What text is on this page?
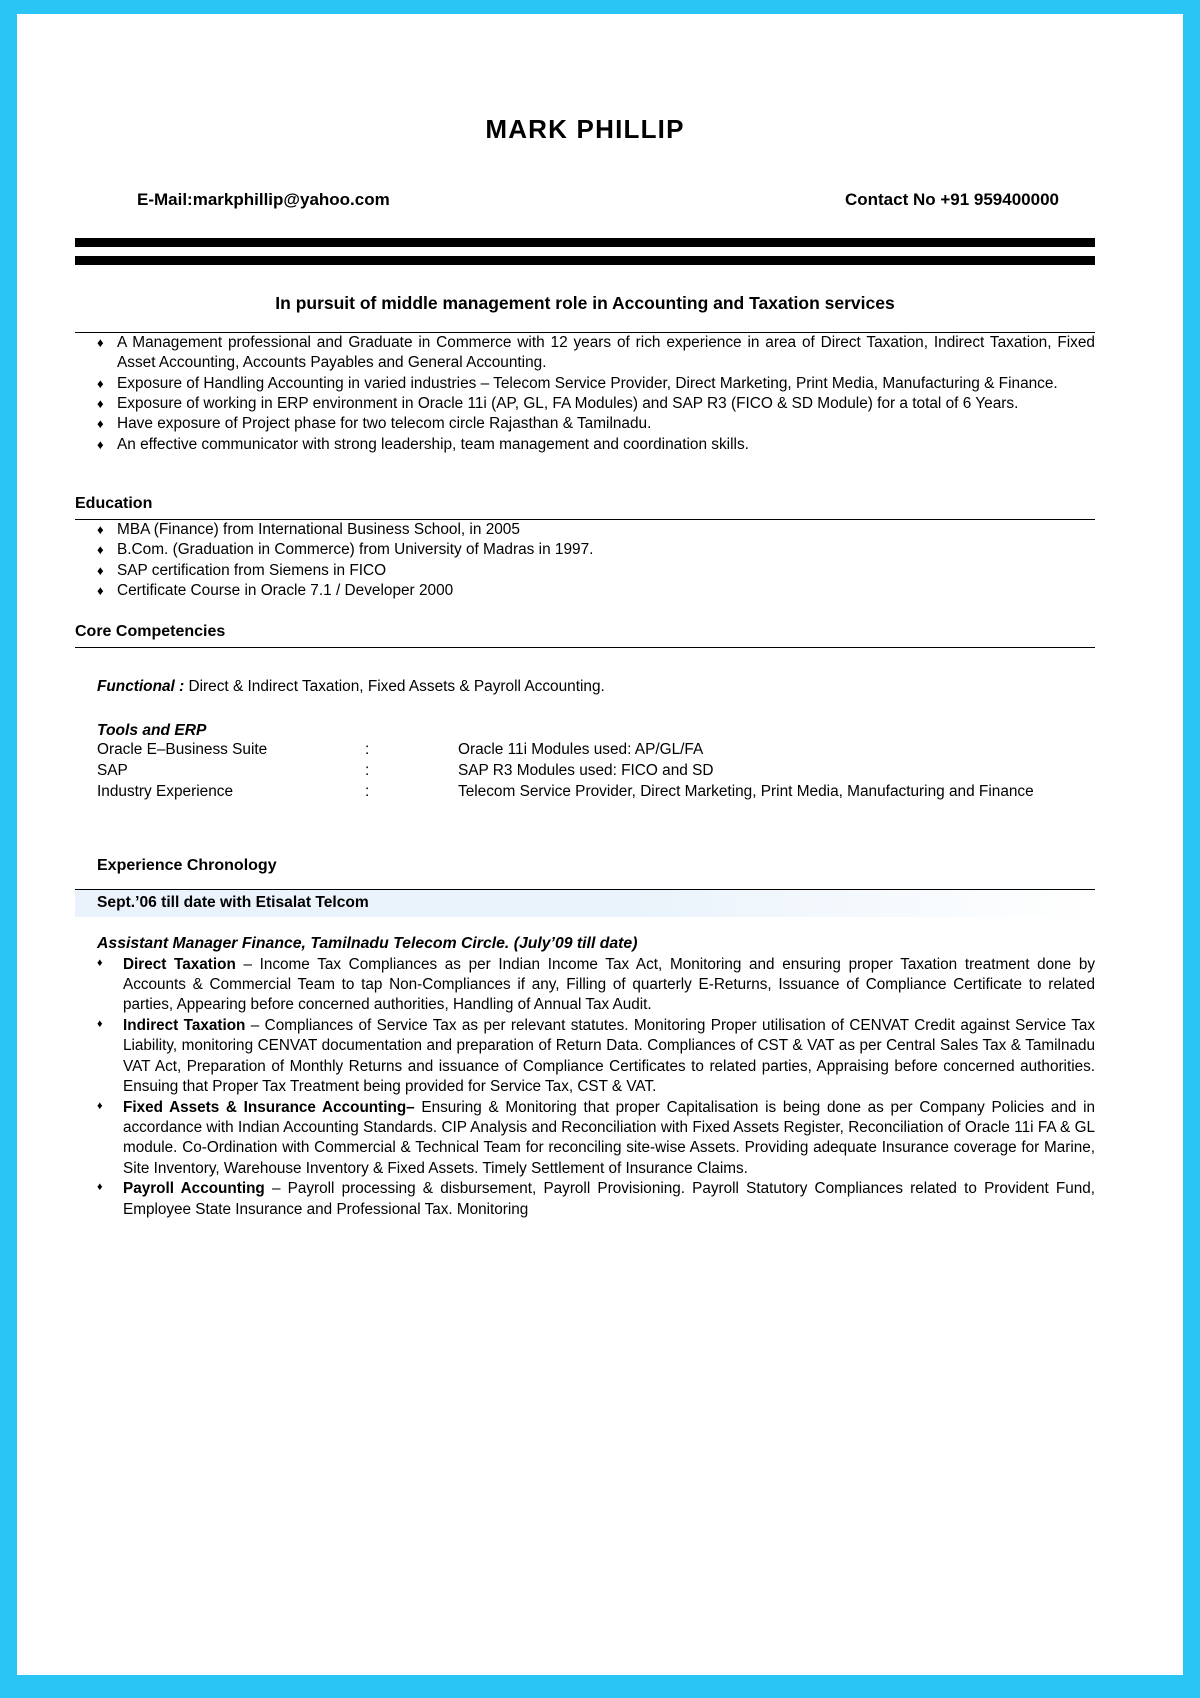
MARK PHILLIP
E-Mail:markphillip@yahoo.com	Contact No +91 959400000
In pursuit of middle management role in Accounting and Taxation services
♦ A Management professional and Graduate in Commerce with 12 years of rich experience in area of Direct Taxation, Indirect Taxation, Fixed Asset Accounting, Accounts Payables and General Accounting.
♦ Exposure of Handling Accounting in varied industries – Telecom Service Provider, Direct Marketing, Print Media, Manufacturing & Finance.
♦ Exposure of working in ERP environment in Oracle 11i (AP, GL, FA Modules) and SAP R3 (FICO & SD Module) for a total of 6 Years.
♦ Have exposure of Project phase for two telecom circle Rajasthan & Tamilnadu.
♦ An effective communicator with strong leadership, team management and coordination skills.
Education
♦ MBA (Finance) from International Business School, in 2005
♦ B.Com. (Graduation in Commerce) from University of Madras in 1997.
♦ SAP certification from Siemens in FICO
♦ Certificate Course in Oracle 7.1 / Developer 2000
Core Competencies
Functional : Direct & Indirect Taxation, Fixed Assets & Payroll Accounting.
Tools and ERP
Oracle E–Business Suite	:	Oracle 11i Modules used: AP/GL/FA
SAP	:	SAP R3 Modules used: FICO and SD
Industry Experience	:	Telecom Service Provider, Direct Marketing, Print Media, Manufacturing and Finance
Experience Chronology
Sept.’06 till date with Etisalat Telcom
Assistant Manager Finance, Tamilnadu Telecom Circle. (July’09 till date)
♦ Direct Taxation – Income Tax Compliances as per Indian Income Tax Act, Monitoring and ensuring proper Taxation treatment done by Accounts & Commercial Team to tap Non-Compliances if any, Filling of quarterly E-Returns, Issuance of Compliance Certificate to related parties, Appearing before concerned authorities, Handling of Annual Tax Audit.
♦ Indirect Taxation – Compliances of Service Tax as per relevant statutes. Monitoring Proper utilisation of CENVAT Credit against Service Tax Liability, monitoring CENVAT documentation and preparation of Return Data. Compliances of CST & VAT as per Central Sales Tax & Tamilnadu VAT Act, Preparation of Monthly Returns and issuance of Compliance Certificates to related parties, Appraising before concerned authorities. Ensuing that Proper Tax Treatment being provided for Service Tax, CST & VAT.
♦ Fixed Assets & Insurance Accounting– Ensuring & Monitoring that proper Capitalisation is being done as per Company Policies and in accordance with Indian Accounting Standards. CIP Analysis and Reconciliation with Fixed Assets Register, Reconciliation of Oracle 11i FA & GL module. Co-Ordination with Commercial & Technical Team for reconciling site-wise Assets. Providing adequate Insurance coverage for Marine, Site Inventory, Warehouse Inventory & Fixed Assets. Timely Settlement of Insurance Claims.
♦ Payroll Accounting – Payroll processing & disbursement, Payroll Provisioning. Payroll Statutory Compliances related to Provident Fund, Employee State Insurance and Professional Tax. Monitoring
